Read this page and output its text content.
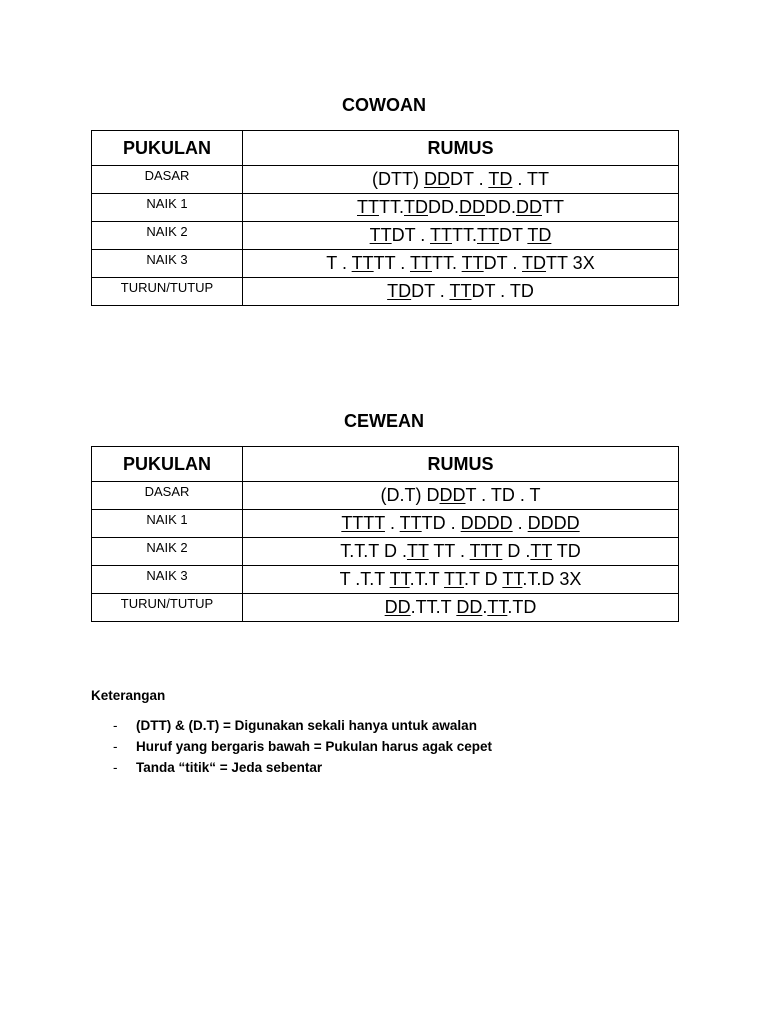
COWOAN
PUKULAN	RUMUS
DASAR	(DTT) DDDT . TD . TT
NAIK 1	TTTT.TDDD.DDDD.DDTT
NAIK 2	TTDT . TTTT.TTDT TD
NAIK 3	T . TTTT . TTTT. TTDT . TDTT 3X
TURUN/TUTUP	TDDT . TTDT . TD
CEWEAN
PUKULAN	RUMUS
DASAR	(D.T) DDDT . TD . T
NAIK 1	TTTT . TTTD . DDDD . DDDD
NAIK 2	T.T.T D .TT TT . TTT D .TT TD
NAIK 3	T .T.T TT.T.T TT.T D TT.T.D 3X
TURUN/TUTUP	DD.TT.T DD.TT.TD
Keterangan
- (DTT) & (D.T) = Digunakan sekali hanya untuk awalan
- Huruf yang bergaris bawah = Pukulan harus agak cepet
- Tanda “titik“ = Jeda sebentar
